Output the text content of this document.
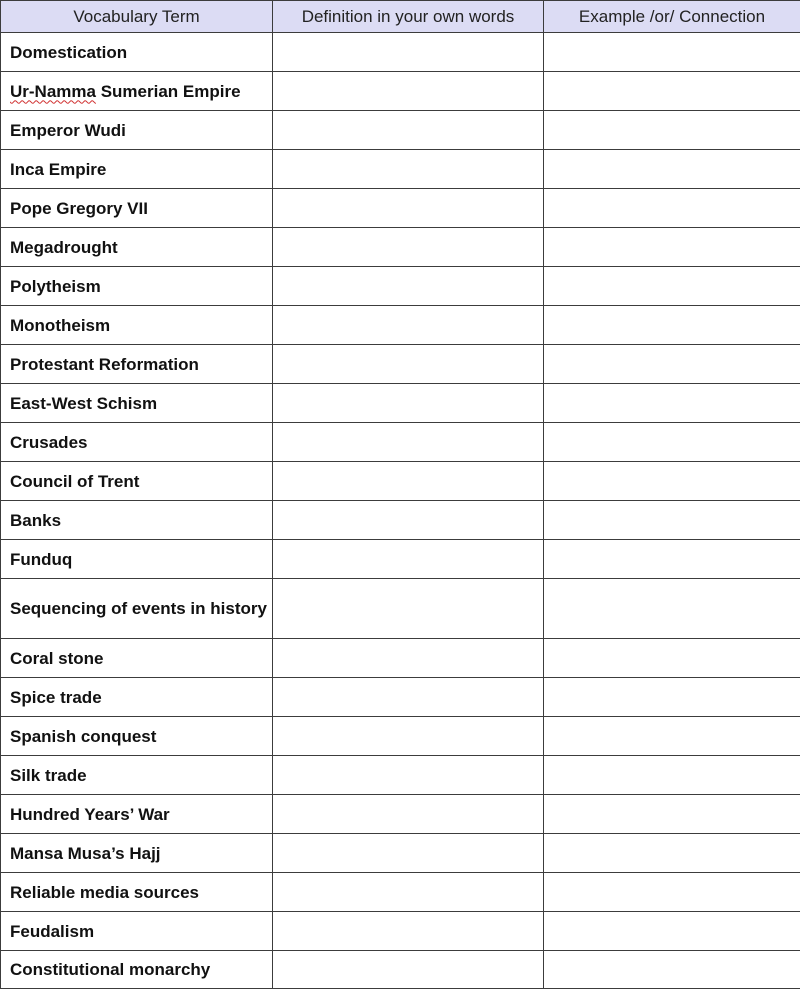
Vocabulary Term	Definition in your own words	Example /or/ Connection
Domestication		
Ur-Namma Sumerian Empire		
Emperor Wudi		
Inca Empire		
Pope Gregory VII		
Megadrought		
Polytheism		
Monotheism		
Protestant Reformation		
East-West Schism		
Crusades		
Council of Trent		
Banks		
Funduq		
Sequencing of events in history		
Coral stone		
Spice trade		
Spanish conquest		
Silk trade		
Hundred Years’ War		
Mansa Musa’s Hajj		
Reliable media sources		
Feudalism		
Constitutional monarchy		
